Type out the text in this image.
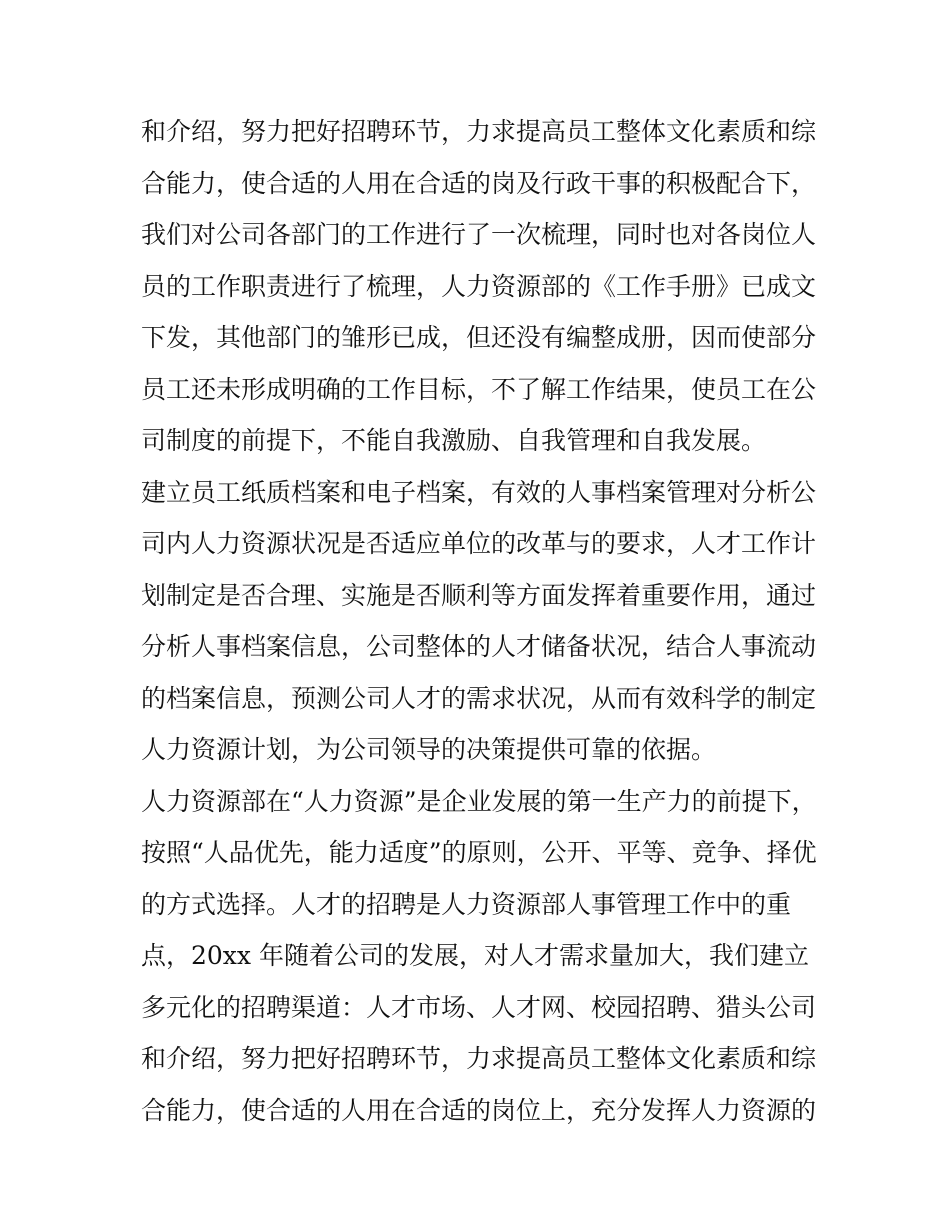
和介绍，努力把好招聘环节，力求提高员工整体文化素质和综
合能力，使合适的人用在合适的岗及行政干事的积极配合下，
我们对公司各部门的工作进行了一次梳理，同时也对各岗位人
员的工作职责进行了梳理，人力资源部的《工作手册》已成文
下发，其他部门的雏形已成，但还没有编整成册，因而使部分
员工还未形成明确的工作目标，不了解工作结果，使员工在公
司制度的前提下，不能自我激励、自我管理和自我发展。
建立员工纸质档案和电子档案，有效的人事档案管理对分析公
司内人力资源状况是否适应单位的改革与的要求，人才工作计
划制定是否合理、实施是否顺利等方面发挥着重要作用，通过
分析人事档案信息，公司整体的人才储备状况，结合人事流动
的档案信息，预测公司人才的需求状况，从而有效科学的制定
人力资源计划，为公司领导的决策提供可靠的依据。
人力资源部在“人力资源”是企业发展的第一生产力的前提下，
按照“人品优先，能力适度”的原则，公开、平等、竞争、择优
的方式选择。人才的招聘是人力资源部人事管理工作中的重
点，20xx 年随着公司的发展，对人才需求量加大，我们建立
多元化的招聘渠道：人才市场、人才网、校园招聘、猎头公司
和介绍，努力把好招聘环节，力求提高员工整体文化素质和综
合能力，使合适的人用在合适的岗位上，充分发挥人力资源的
